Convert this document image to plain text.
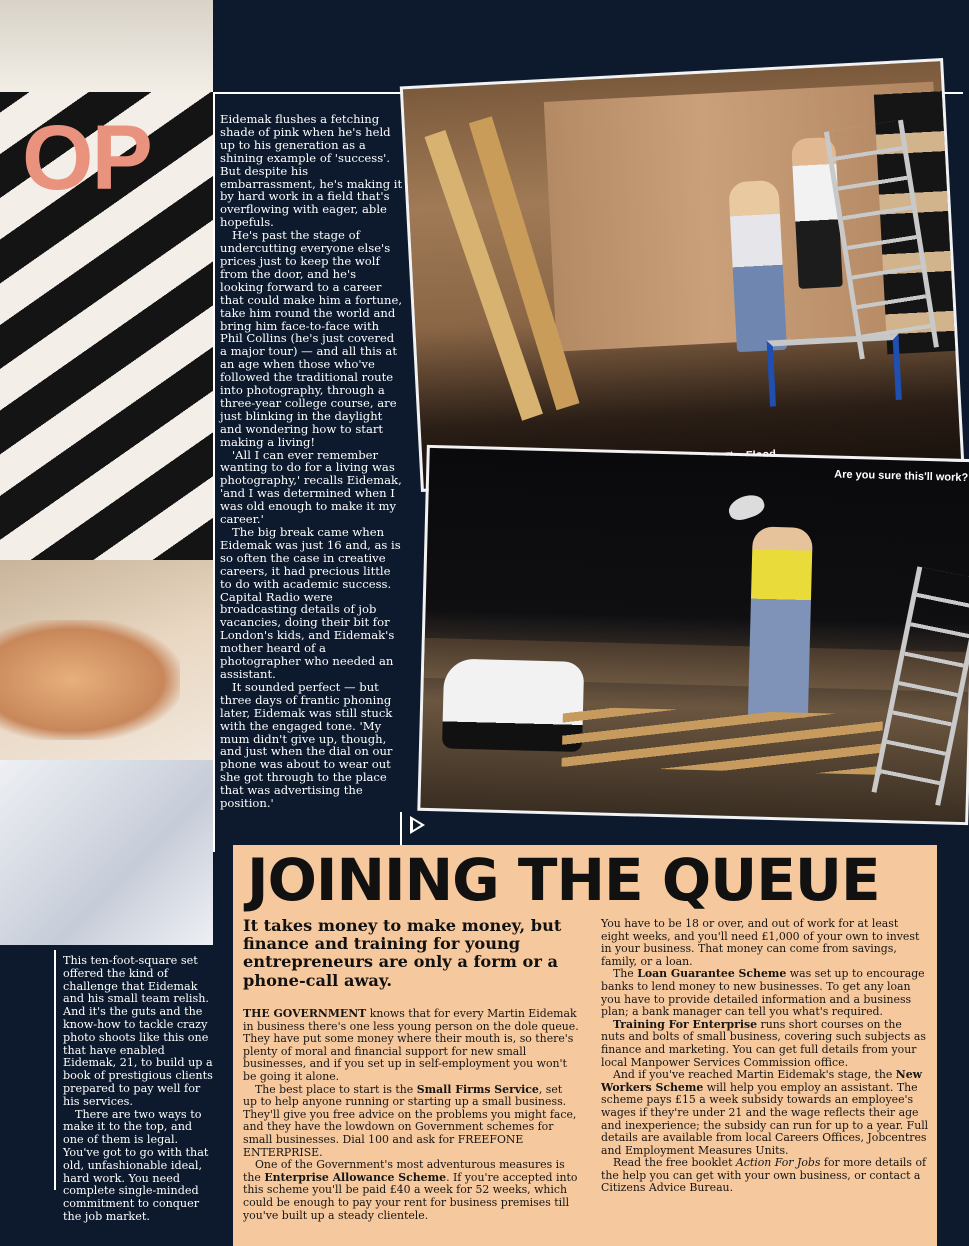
OP	Eidemak flushes a fetching shade of pink when he's held up to his generation as a shining example of 'success'. But despite his embarrassment, he's making it by hard work in a field that's overflowing with eager, able hopefuls.

He's past the stage of undercutting everyone else's prices just to keep the wolf from the door, and he's looking forward to a career that could make him a fortune, take him round the world and bring him face-to-face with Phil Collins (he's just covered a major tour) — and all this at an age when those who've followed the traditional route into photography, through a three-year college course, are just blinking in the daylight and wondering how to start making a living!

'All I can ever remember wanting to do for a living was photography,' recalls Eidemak, 'and I was determined when I was old enough to make it my career.'

The big break came when Eidemak was just 16 and, as is so often the case in creative careers, it had precious little to do with academic success. Capital Radio were broadcasting details of job vacancies, doing their bit for London's kids, and Eidemak's mother heard of a photographer who needed an assistant.

It sounded perfect — but three days of frantic phoning later, Eidemak was still stuck with the engaged tone. 'My mum didn't give up, though, and just when the dial on our phone was about to wear out she got through to the place that was advertising the position.'

Are you sure this'll work?

This ten-foot-square set offered the kind of challenge that Eidemak and his small team relish. And it's the guts and the know-how to tackle crazy photo shoots like this one that have enabled Eidemak, 21, to build up a book of prestigious clients prepared to pay well for his services.

There are two ways to make it to the top, and one of them is legal. You've got to go with that old, unfashionable ideal, hard work. You need complete single-minded commitment to conquer the job market.

JOINING THE QUEUE
It takes money to make money, but finance and training for young entrepreneurs are only a form or a phone-call away.

THE GOVERNMENT knows that for every Martin Eidemak in business there's one less young person on the dole queue. They have put some money where their mouth is, so there's plenty of moral and financial support for new small businesses, and if you set up in self-employment you won't be going it alone.

The best place to start is the Small Firms Service, set up to help anyone running or starting up a small business. They'll give you free advice on the problems you might face, and they have the lowdown on Government schemes for small businesses. Dial 100 and ask for FREEFONE ENTERPRISE.

One of the Government's most adventurous measures is the Enterprise Allowance Scheme. If you're accepted into this scheme you'll be paid £40 a week for 52 weeks, which could be enough to pay your rent for business premises till you've built up a steady clientele.

You have to be 18 or over, and out of work for at least eight weeks, and you'll need £1,000 of your own to invest in your business. That money can come from savings, family, or a loan.

The Loan Guarantee Scheme was set up to encourage banks to lend money to new businesses. To get any loan you have to provide detailed information and a business plan; a bank manager can tell you what's required.

Training For Enterprise runs short courses on the nuts and bolts of small business, covering such subjects as finance and marketing. You can get full details from your local Manpower Services Commission office.

And if you've reached Martin Eidemak's stage, the New Workers Scheme will help you employ an assistant. The scheme pays £15 a week subsidy towards an employee's wages if they're under 21 and the wage reflects their age and inexperience; the subsidy can run for up to a year. Full details are available from local Careers Offices, Jobcentres and Employment Measures Units.

Read the free booklet Action For Jobs for more details of the help you can get with your own business, or contact a Citizens Advice Bureau.
